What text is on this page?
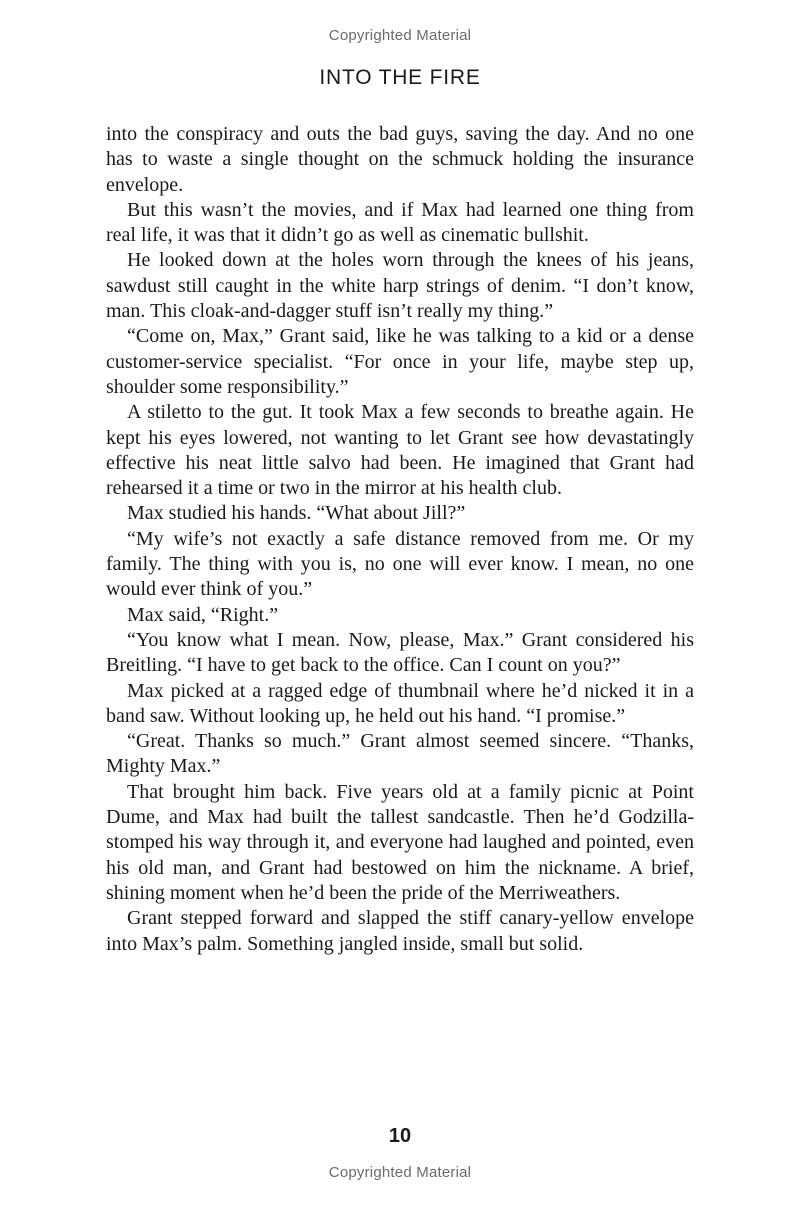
Copyrighted Material
INTO THE FIRE

into the conspiracy and outs the bad guys, saving the day. And no one has to waste a single thought on the schmuck holding the insurance envelope.

But this wasn’t the movies, and if Max had learned one thing from real life, it was that it didn’t go as well as cinematic bullshit.

He looked down at the holes worn through the knees of his jeans, sawdust still caught in the white harp strings of denim. “I don’t know, man. This cloak-and-dagger stuff isn’t really my thing.”

“Come on, Max,” Grant said, like he was talking to a kid or a dense customer-service specialist. “For once in your life, maybe step up, shoulder some responsibility.”

A stiletto to the gut. It took Max a few seconds to breathe again. He kept his eyes lowered, not wanting to let Grant see how devastatingly effective his neat little salvo had been. He imagined that Grant had rehearsed it a time or two in the mirror at his health club.

Max studied his hands. “What about Jill?”

“My wife’s not exactly a safe distance removed from me. Or my family. The thing with you is, no one will ever know. I mean, no one would ever think of you.”

Max said, “Right.”

“You know what I mean. Now, please, Max.” Grant considered his Breitling. “I have to get back to the office. Can I count on you?”

Max picked at a ragged edge of thumbnail where he’d nicked it in a band saw. Without looking up, he held out his hand. “I promise.”

“Great. Thanks so much.” Grant almost seemed sincere. “Thanks, Mighty Max.”

That brought him back. Five years old at a family picnic at Point Dume, and Max had built the tallest sandcastle. Then he’d Godzilla-stomped his way through it, and everyone had laughed and pointed, even his old man, and Grant had bestowed on him the nickname. A brief, shining moment when he’d been the pride of the Merriweathers.

Grant stepped forward and slapped the stiff canary-yellow envelope into Max’s palm. Something jangled inside, small but solid.

10
Copyrighted Material
